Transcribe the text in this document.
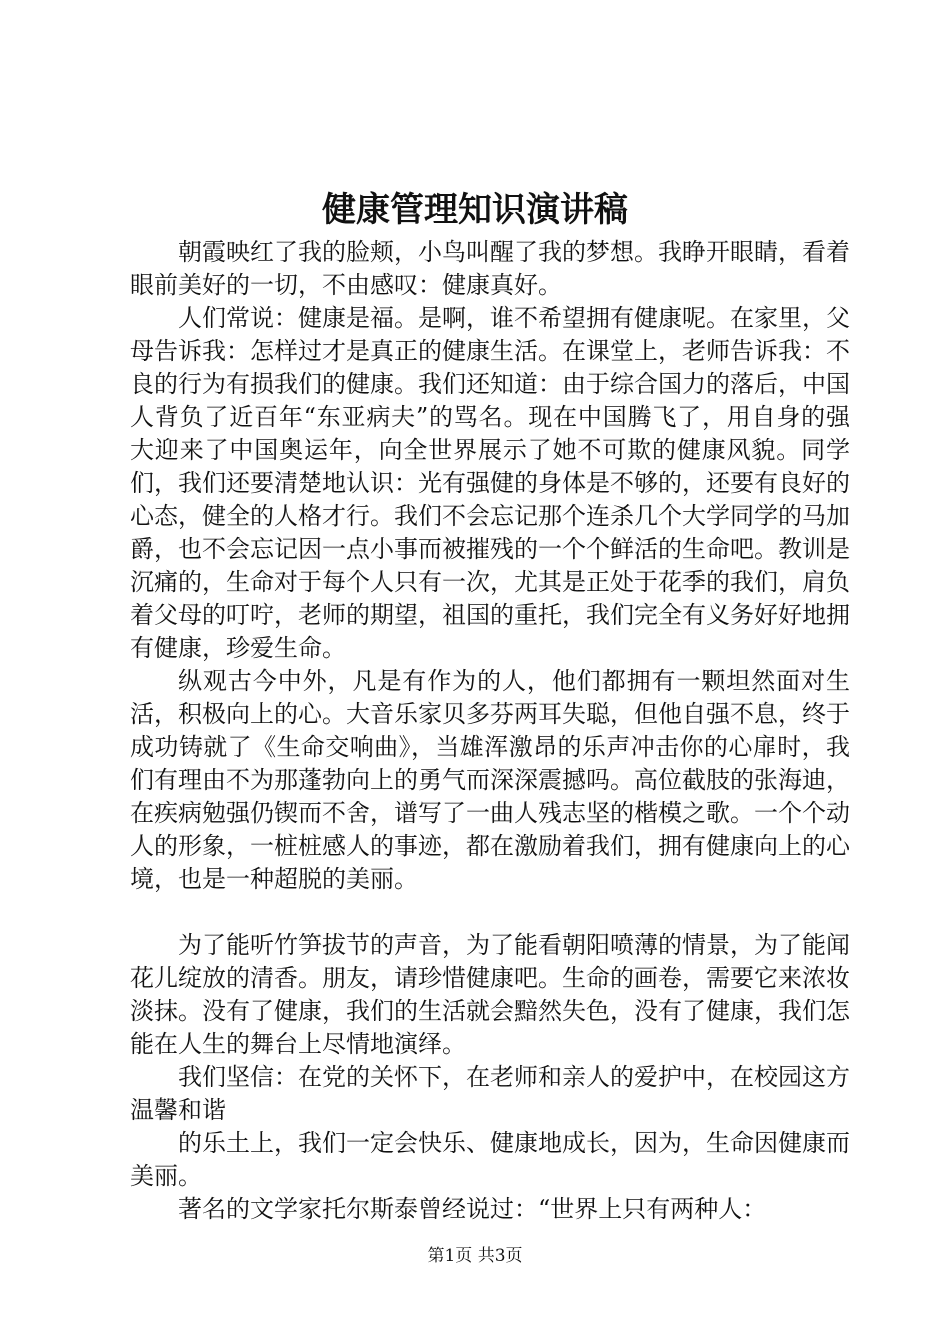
健康管理知识演讲稿

朝霞映红了我的脸颊，小鸟叫醒了我的梦想。我睁开眼睛，看着眼前美好的一切，不由感叹：健康真好。

人们常说：健康是福。是啊，谁不希望拥有健康呢。在家里，父母告诉我：怎样过才是真正的健康生活。在课堂上，老师告诉我：不良的行为有损我们的健康。我们还知道：由于综合国力的落后，中国人背负了近百年“东亚病夫”的骂名。现在中国腾飞了，用自身的强大迎来了中国奥运年，向全世界展示了她不可欺的健康风貌。同学们，我们还要清楚地认识：光有强健的身体是不够的，还要有良好的心态，健全的人格才行。我们不会忘记那个连杀几个大学同学的马加爵，也不会忘记因一点小事而被摧残的一个个鲜活的生命吧。教训是沉痛的，生命对于每个人只有一次，尤其是正处于花季的我们，肩负着父母的叮咛，老师的期望，祖国的重托，我们完全有义务好好地拥有健康，珍爱生命。

纵观古今中外，凡是有作为的人，他们都拥有一颗坦然面对生活，积极向上的心。大音乐家贝多芬两耳失聪，但他自强不息，终于成功铸就了《生命交响曲》，当雄浑激昂的乐声冲击你的心扉时，我们有理由不为那蓬勃向上的勇气而深深震撼吗。高位截肢的张海迪，在疾病勉强仍锲而不舍，谱写了一曲人残志坚的楷模之歌。一个个动人的形象，一桩桩感人的事迹，都在激励着我们，拥有健康向上的心境，也是一种超脱的美丽。

为了能听竹笋拔节的声音，为了能看朝阳喷薄的情景，为了能闻花儿绽放的清香。朋友，请珍惜健康吧。生命的画卷，需要它来浓妆淡抹。没有了健康，我们的生活就会黯然失色，没有了健康，我们怎能在人生的舞台上尽情地演绎。

我们坚信：在党的关怀下，在老师和亲人的爱护中，在校园这方温馨和谐

的乐土上，我们一定会快乐、健康地成长，因为，生命因健康而美丽。

著名的文学家托尔斯泰曾经说过：“世界上只有两种人：

第1页 共3页
